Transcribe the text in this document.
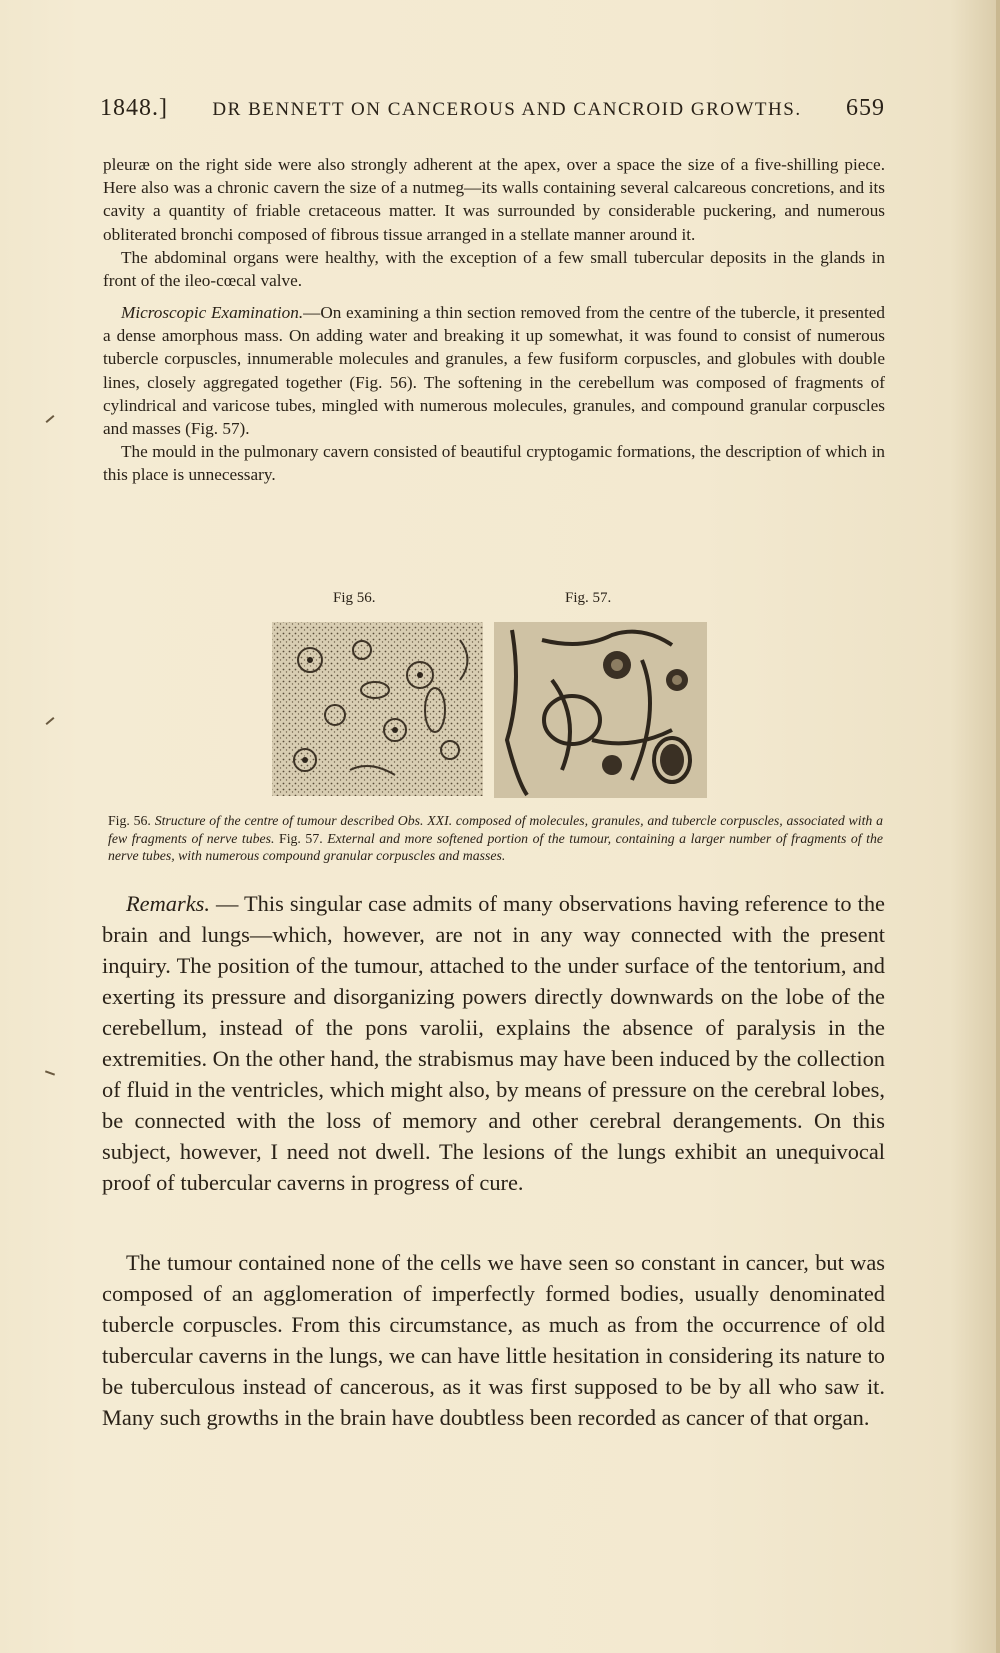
1848.]	DR BENNETT ON CANCEROUS AND CANCROID GROWTHS.	659

pleuræ on the right side were also strongly adherent at the apex, over a space the size of a five-shilling piece. Here also was a chronic cavern the size of a nutmeg—its walls containing several calcareous concretions, and its cavity a quantity of friable cretaceous matter. It was surrounded by considerable puckering, and numerous obliterated bronchi composed of fibrous tissue arranged in a stellate manner around it.

The abdominal organs were healthy, with the exception of a few small tubercular deposits in the glands in front of the ileo-cœcal valve.

Microscopic Examination.—On examining a thin section removed from the centre of the tubercle, it presented a dense amorphous mass. On adding water and breaking it up somewhat, it was found to consist of numerous tubercle corpuscles, innumerable molecules and granules, a few fusiform corpuscles, and globules with double lines, closely aggregated together (Fig. 56). The softening in the cerebellum was composed of fragments of cylindrical and varicose tubes, mingled with numerous molecules, granules, and compound granular corpuscles and masses (Fig. 57).

The mould in the pulmonary cavern consisted of beautiful cryptogamic formations, the description of which in this place is unnecessary.

Fig 56.	Fig. 57.

Fig. 56. Structure of the centre of tumour described Obs. XXI. composed of molecules, granules, and tubercle corpuscles, associated with a few fragments of nerve tubes. Fig. 57. External and more softened portion of the tumour, containing a larger number of fragments of the nerve tubes, with numerous compound granular corpuscles and masses.

Remarks. — This singular case admits of many observations having reference to the brain and lungs—which, however, are not in any way connected with the present inquiry. The position of the tumour, attached to the under surface of the tentorium, and exerting its pressure and disorganizing powers directly downwards on the lobe of the cerebellum, instead of the pons varolii, explains the absence of paralysis in the extremities. On the other hand, the strabismus may have been induced by the collection of fluid in the ventricles, which might also, by means of pressure on the cerebral lobes, be connected with the loss of memory and other cerebral derangements. On this subject, however, I need not dwell. The lesions of the lungs exhibit an unequivocal proof of tubercular caverns in progress of cure.

The tumour contained none of the cells we have seen so constant in cancer, but was composed of an agglomeration of imperfectly formed bodies, usually denominated tubercle corpuscles. From this circumstance, as much as from the occurrence of old tubercular caverns in the lungs, we can have little hesitation in considering its nature to be tuberculous instead of cancerous, as it was first supposed to be by all who saw it. Many such growths in the brain have doubtless been recorded as cancer of that organ.
